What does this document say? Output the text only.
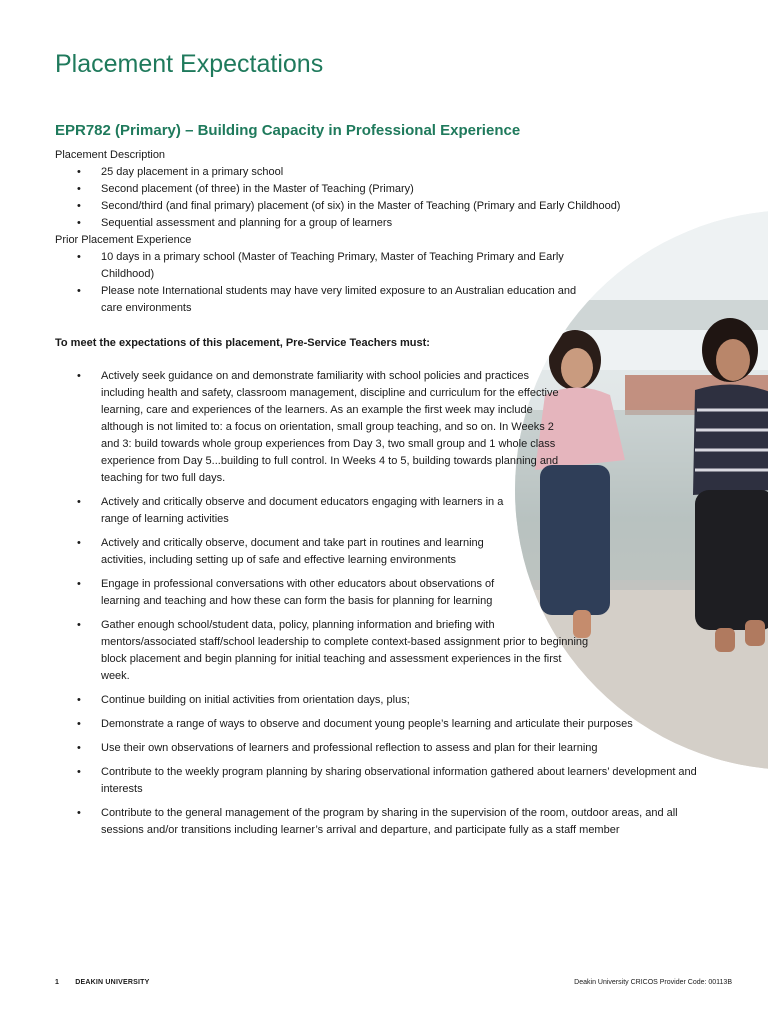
Placement Expectations
EPR782 (Primary) – Building Capacity in Professional Experience

Placement Description

• 25 day placement in a primary school
• Second placement (of three) in the Master of Teaching (Primary)
• Second/third (and final primary) placement (of six) in the Master of Teaching (Primary and Early Childhood)
• Sequential assessment and planning for a group of learners

Prior Placement Experience

• 10 days in a primary school (Master of Teaching Primary, Master of Teaching Primary and Early Childhood)
• Please note International students may have very limited exposure to an Australian education and care environments

To meet the expectations of this placement, Pre-Service Teachers must:

• Actively seek guidance on and demonstrate familiarity with school policies and practices including health and safety, classroom management, discipline and curriculum for the effective learning, care and experiences of the learners. As an example the first week may include although is not limited to: a focus on orientation, small group teaching, and so on. In Weeks 2 and 3: build towards whole group experiences from Day 3, two small group and 1 whole class experience from Day 5...building to full control. In Weeks 4 to 5, building towards planning and teaching for two full days.
• Actively and critically observe and document educators engaging with learners in a range of learning activities
• Actively and critically observe, document and take part in routines and learning activities, including setting up of safe and effective learning environments
• Engage in professional conversations with other educators about observations of learning and teaching and how these can form the basis for planning for learning
• Gather enough school/student data, policy, planning information and briefing with mentors/associated staff/school leadership to complete context-based assignment prior to beginning block placement and begin planning for initial teaching and assessment experiences in the first week.
• Continue building on initial activities from orientation days, plus;
• Demonstrate a range of ways to observe and document young people’s learning and articulate their purposes
• Use their own observations of learners and professional reflection to assess and plan for their learning
• Contribute to the weekly program planning by sharing observational information gathered about learners’ development and interests
• Contribute to the general management of the program by sharing in the supervision of the room, outdoor areas, and all sessions and/or transitions including learner’s arrival and departure, and participate fully as a staff member
1 DEAKIN UNIVERSITY	Deakin University CRICOS Provider Code: 00113B
